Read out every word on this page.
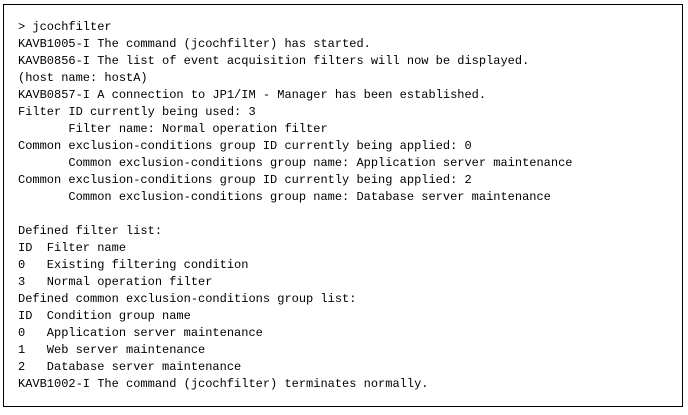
> jcochfilter
KAVB1005-I The command (jcochfilter) has started.
KAVB0856-I The list of event acquisition filters will now be displayed.
(host name: hostA)
KAVB0857-I A connection to JP1/IM - Manager has been established.
Filter ID currently being used: 3
Filter name: Normal operation filter
Common exclusion-conditions group ID currently being applied: 0
Common exclusion-conditions group name: Application server maintenance
Common exclusion-conditions group ID currently being applied: 2
Common exclusion-conditions group name: Database server maintenance
Defined filter list:
ID  Filter name
0   Existing filtering condition
3   Normal operation filter
Defined common exclusion-conditions group list:
ID  Condition group name
0   Application server maintenance
1   Web server maintenance
2   Database server maintenance
KAVB1002-I The command (jcochfilter) terminates normally.
